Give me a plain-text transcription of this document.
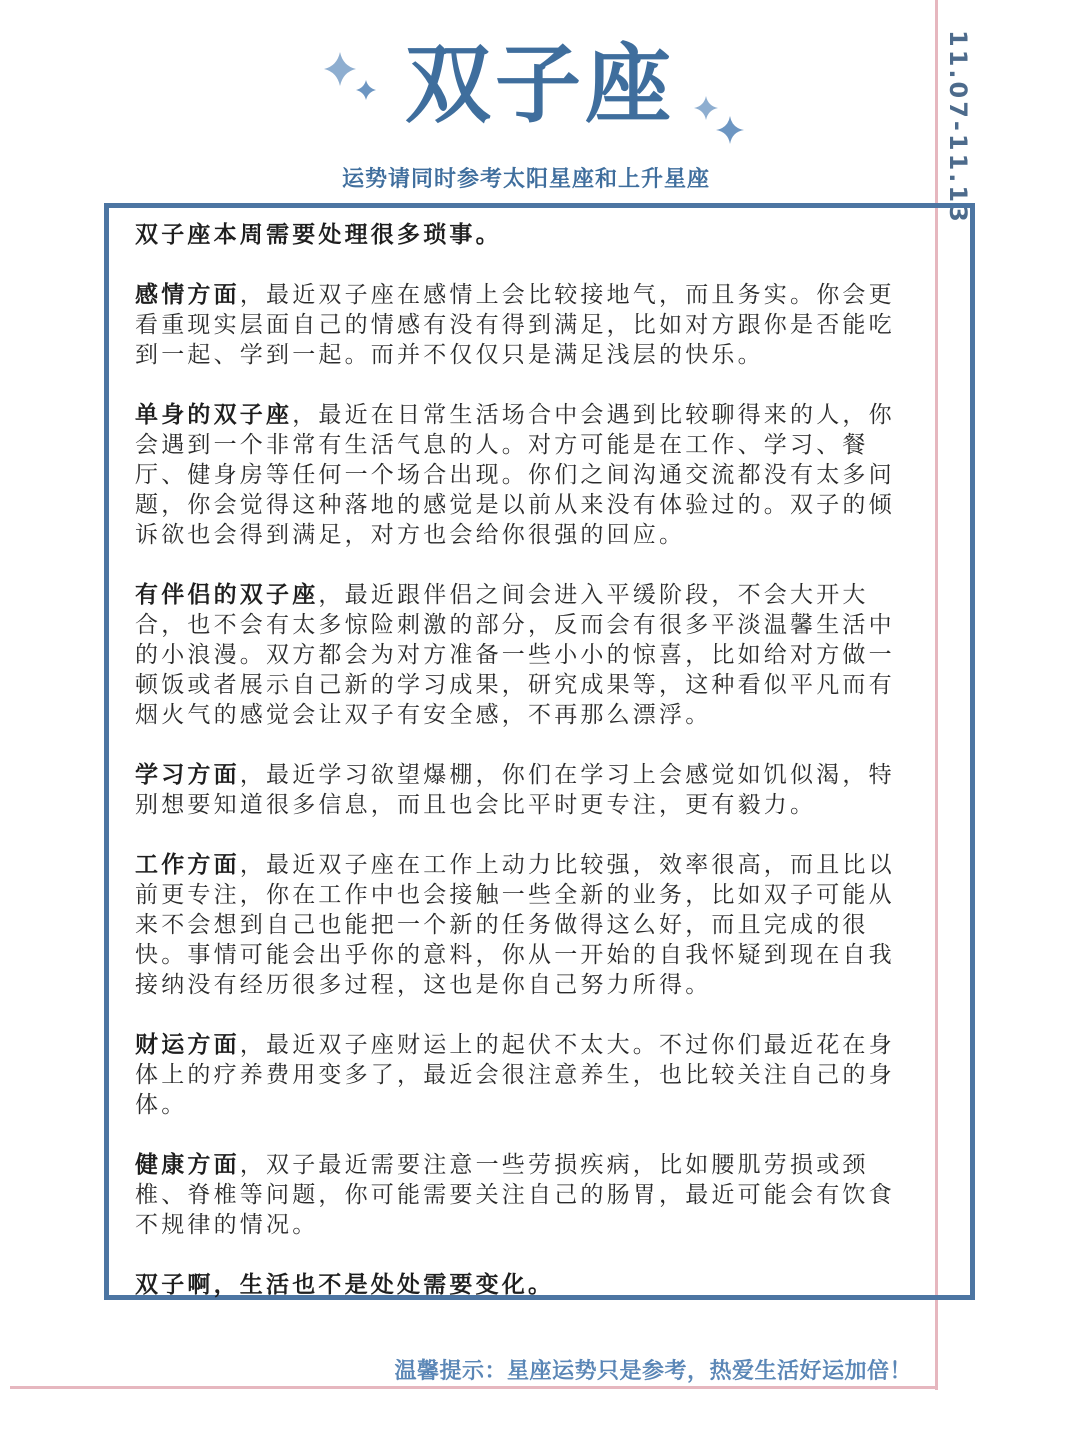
双子座
运势请同时参考太阳星座和上升星座	11.07-11.13

双子座本周需要处理很多琐事。

感情方面，最近双子座在感情上会比较接地气，而且务实。你会更看重现实层面自己的情感有没有得到满足，比如对方跟你是否能吃到一起、学到一起。而并不仅仅只是满足浅层的快乐。

单身的双子座，最近在日常生活场合中会遇到比较聊得来的人，你会遇到一个非常有生活气息的人。对方可能是在工作、学习、餐厅、健身房等任何一个场合出现。你们之间沟通交流都没有太多问题，你会觉得这种落地的感觉是以前从来没有体验过的。双子的倾诉欲也会得到满足，对方也会给你很强的回应。

有伴侣的双子座，最近跟伴侣之间会进入平缓阶段，不会大开大合，也不会有太多惊险刺激的部分，反而会有很多平淡温馨生活中的小浪漫。双方都会为对方准备一些小小的惊喜，比如给对方做一顿饭或者展示自己新的学习成果，研究成果等，这种看似平凡而有烟火气的感觉会让双子有安全感，不再那么漂浮。

学习方面，最近学习欲望爆棚，你们在学习上会感觉如饥似渴，特别想要知道很多信息，而且也会比平时更专注，更有毅力。

工作方面，最近双子座在工作上动力比较强，效率很高，而且比以前更专注，你在工作中也会接触一些全新的业务，比如双子可能从来不会想到自己也能把一个新的任务做得这么好，而且完成的很快。事情可能会出乎你的意料，你从一开始的自我怀疑到现在自我接纳没有经历很多过程，这也是你自己努力所得。

财运方面，最近双子座财运上的起伏不太大。不过你们最近花在身体上的疗养费用变多了，最近会很注意养生，也比较关注自己的身体。

健康方面，双子最近需要注意一些劳损疾病，比如腰肌劳损或颈椎、脊椎等问题，你可能需要关注自己的肠胃，最近可能会有饮食不规律的情况。

双子啊，生活也不是处处需要变化。

温馨提示：星座运势只是参考，热爱生活好运加倍！
